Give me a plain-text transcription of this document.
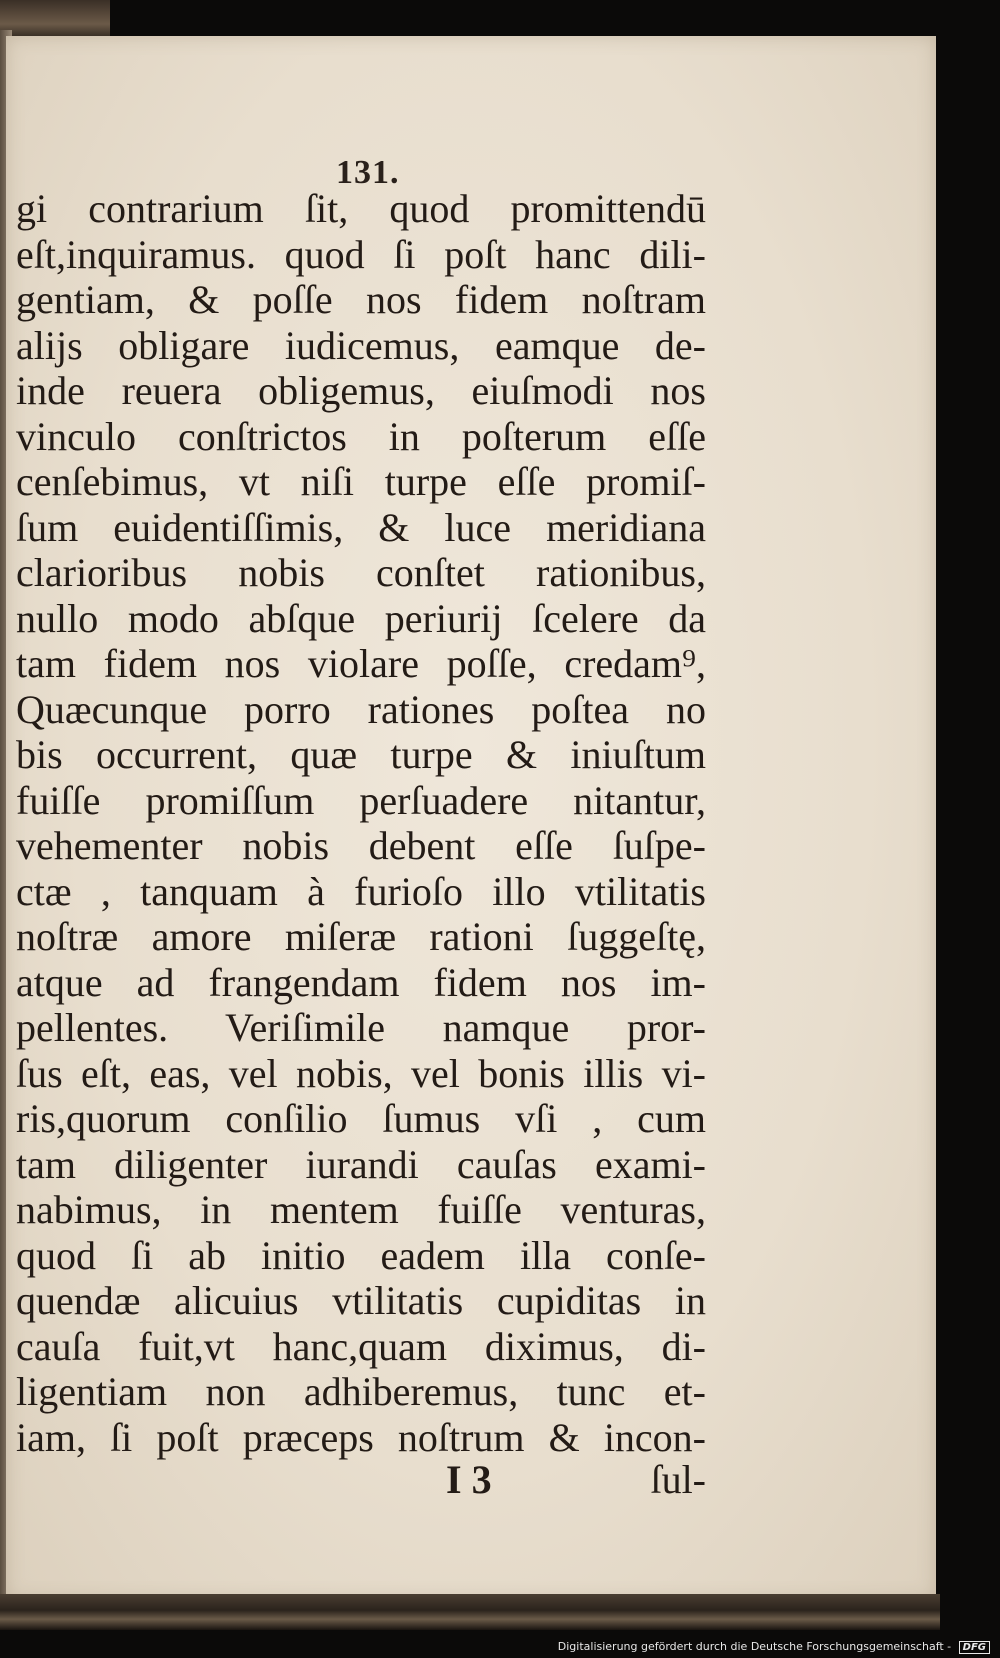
131.
gi contrarium ſit, quod promittendū
eſt,inquiramus. quod ſi poſt hanc dili-
gentiam, & poſſe nos fidem noſtram
alijs obligare iudicemus, eamque de-
inde reuera obligemus, eiuſmodi nos
vinculo conſtrictos in poſterum eſſe
cenſebimus, vt niſi turpe eſſe promiſ-
ſum euidentiſſimis, & luce meridiana
clarioribus nobis conſtet rationibus,
nullo modo abſque periurij ſcelere da
tam fidem nos violare poſſe, credam⁹,
Quæcunque porro rationes poſtea no
bis occurrent, quæ turpe & iniuſtum
fuiſſe promiſſum perſuadere nitantur,
vehementer nobis debent eſſe ſuſpe-
ctæ , tanquam à furioſo illo vtilitatis
noſtræ amore miſeræ rationi ſuggeſtę,
atque ad frangendam fidem nos im-
pellentes. Veriſimile namque pror-
ſus eſt, eas, vel nobis, vel bonis illis vi-
ris,quorum conſilio ſumus vſi , cum
tam diligenter iurandi cauſas exami-
nabimus, in mentem fuiſſe venturas,
quod ſi ab initio eadem illa conſe-
quendæ alicuius vtilitatis cupiditas in
cauſa fuit,vt hanc,quam diximus, di-
ligentiam non adhiberemus, tunc et-
iam, ſi poſt præceps noſtrum & incon-
I 3	ſul-
Digitalisierung gefördert durch die Deutsche Forschungsgemeinschaft - DFG
